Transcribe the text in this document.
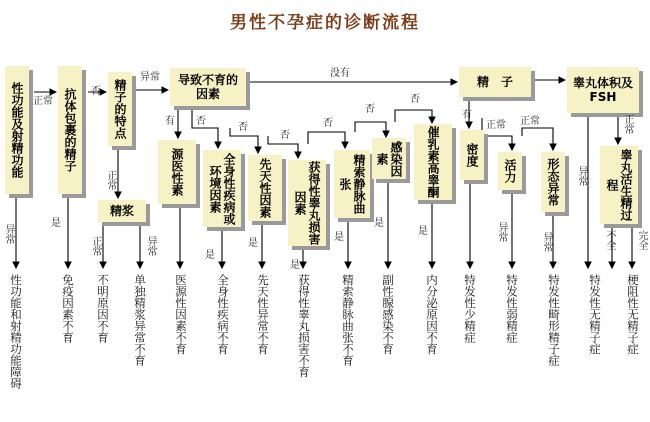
男性不孕症的诊断流程
性功能及射精功能	抗体包裹的精子	精子的特点
精浆
导致不育的因素
源医性素	全身性疾病或环境因素	先天性因素	获得性睾丸损害因素	精索静脉曲张
感染因素	催乳素高睾酮
精　子
密度
活力	形态异常
睾丸体积及FSH
睾丸活生精过程
异常
正常
否
异常	没有
正常
是
正常	异常
有 否
否
否
否
否
否
是
是
是
是
是
是
有
正常 正常
异常	异常
异常
正常
不全 完全
性功能和射精功能障碍	免疫因素不育 不明原因不育 单独精浆异常不育 医源性因素不育 全身性疾病不育 先天性异常不育 获得性睾丸损害不育	精索静脉曲张不育 副性腺感染不育	内分泌原因不育 特发性少精症 特发性弱精症 特发性畸形精子症 特发性无精子症 梗阻性无精子症
